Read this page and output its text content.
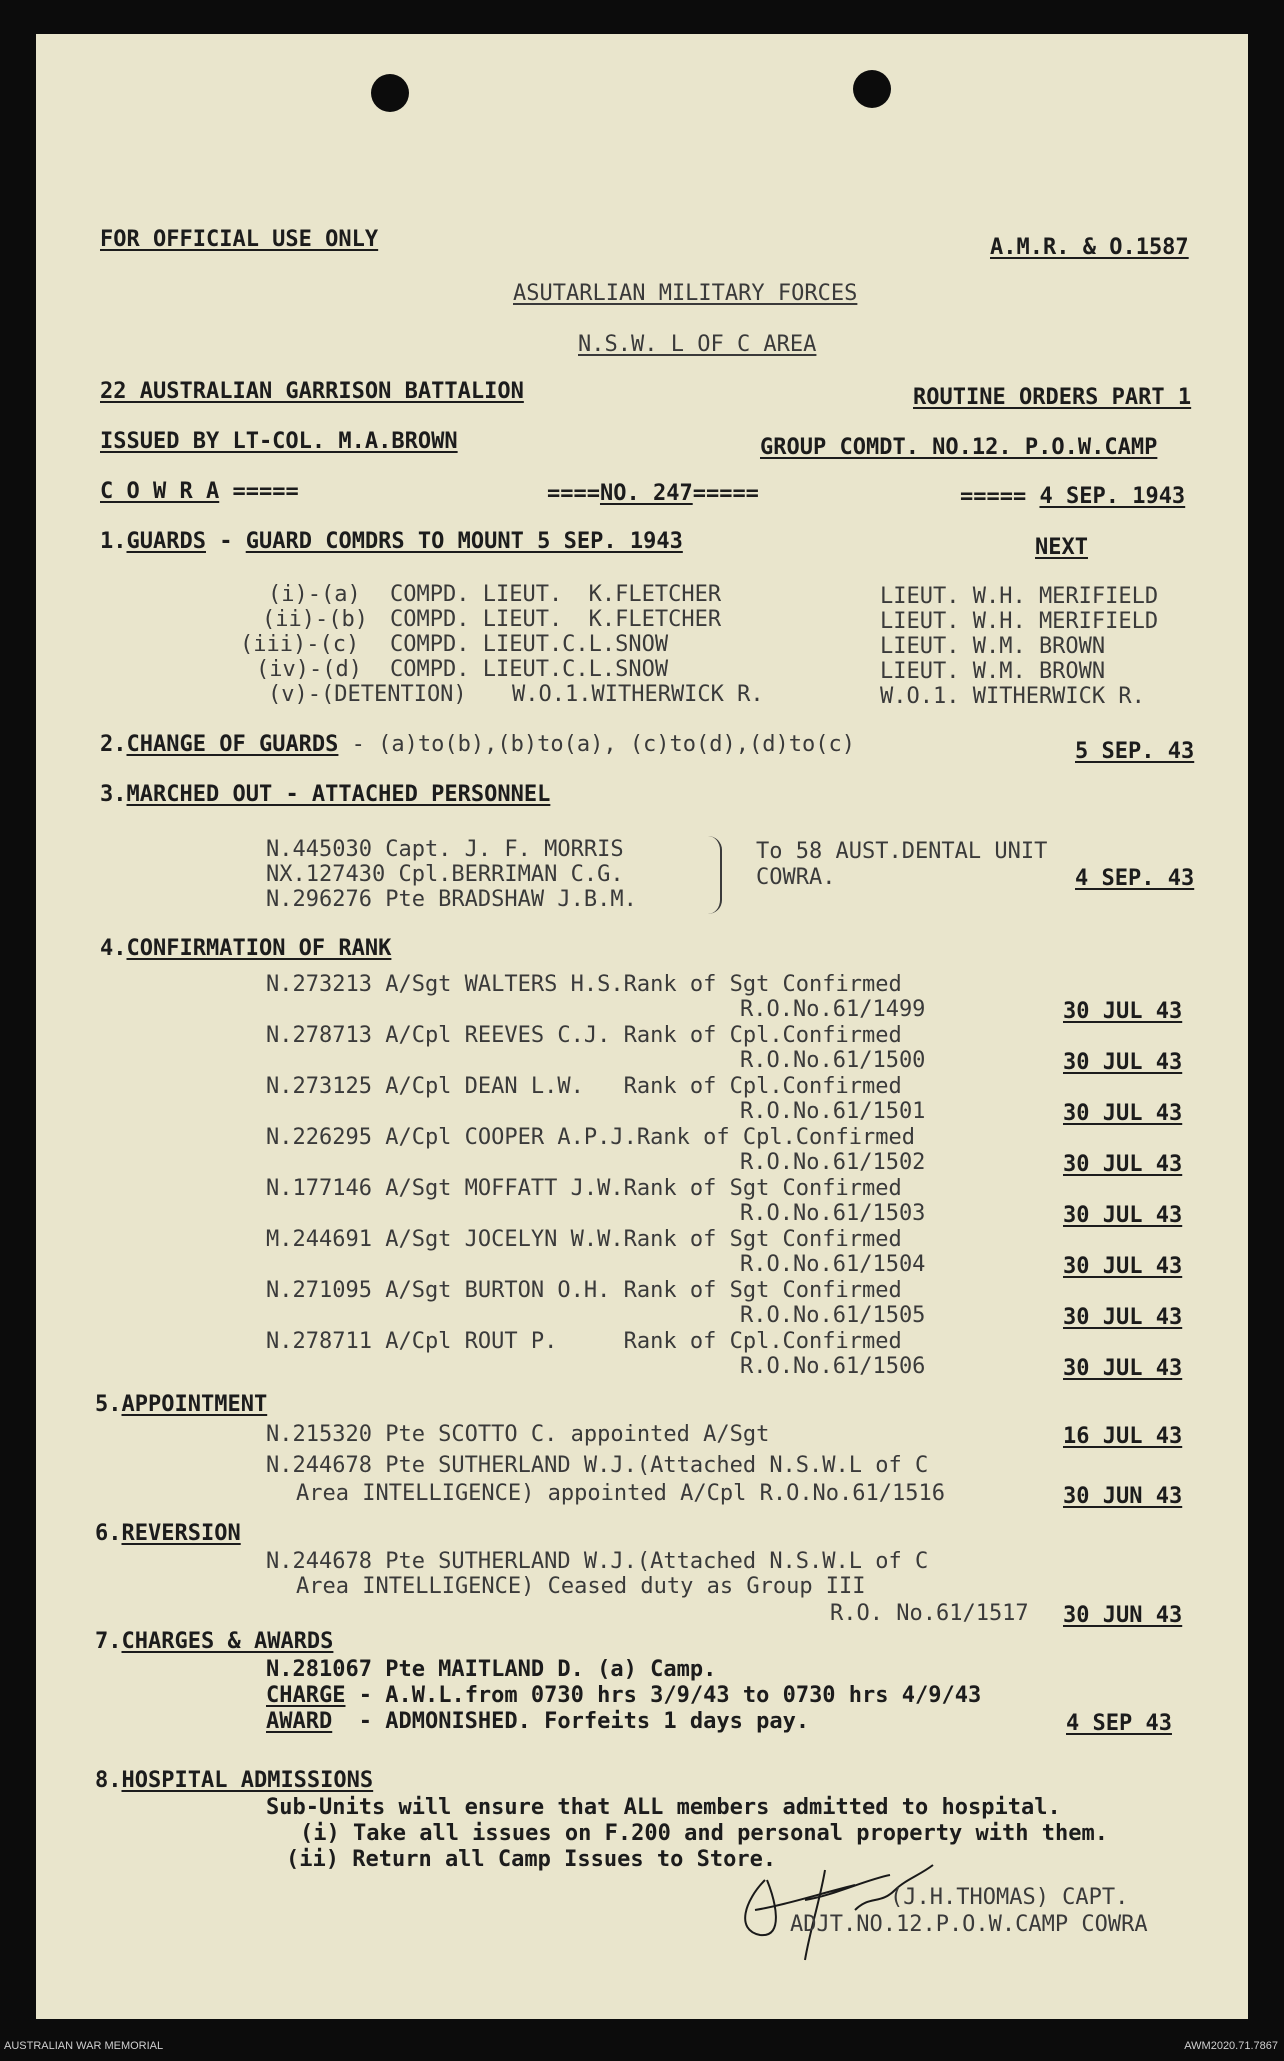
FOR OFFICIAL USE ONLY	A.M.R. & O.1587
ASUTARLIAN MILITARY FORCES
N.S.W. L OF C AREA
22 AUSTRALIAN GARRISON BATTALION	ROUTINE ORDERS PART 1
ISSUED BY LT-COL. M.A.BROWN	GROUP COMDT. NO.12. P.O.W.CAMP
C O W R A =====	====NO. 247=====	===== 4 SEP. 1943
1.GUARDS - GUARD COMDRS TO MOUNT 5 SEP. 1943	NEXT
(i)-(a) COMPD. LIEUT.  K.FLETCHER	LIEUT. W.H. MERIFIELD
(ii)-(b) COMPD. LIEUT.  K.FLETCHER	LIEUT. W.H. MERIFIELD
(iii)-(c) COMPD. LIEUT.C.L.SNOW	LIEUT. W.M. BROWN
(iv)-(d) COMPD. LIEUT.C.L.SNOW	LIEUT. W.M. BROWN
(v)-(DETENTION) W.O.1.WITHERWICK R.	W.O.1. WITHERWICK R.
2.CHANGE OF GUARDS - (a)to(b),(b)to(a), (c)to(d),(d)to(c)	5 SEP. 43
3.MARCHED OUT - ATTACHED PERSONNEL
N.445030 Capt. J. F. MORRIS
NX.127430 Cpl.BERRIMAN C.G.
N.296276 Pte BRADSHAW J.B.M.
To 58 AUST.DENTAL UNIT
COWRA.	4 SEP. 43
4.CONFIRMATION OF RANK
N.273213 A/Sgt WALTERS H.S.Rank of Sgt Confirmed
R.O.No.61/1499	30 JUL 43
N.278713 A/Cpl REEVES C.J. Rank of Cpl.Confirmed
R.O.No.61/1500	30 JUL 43
N.273125 A/Cpl DEAN L.W.   Rank of Cpl.Confirmed
R.O.No.61/1501	30 JUL 43
N.226295 A/Cpl COOPER A.P.J.Rank of Cpl.Confirmed
R.O.No.61/1502	30 JUL 43
N.177146 A/Sgt MOFFATT J.W.Rank of Sgt Confirmed
R.O.No.61/1503	30 JUL 43
M.244691 A/Sgt JOCELYN W.W.Rank of Sgt Confirmed
R.O.No.61/1504	30 JUL 43
N.271095 A/Sgt BURTON O.H. Rank of Sgt Confirmed
R.O.No.61/1505	30 JUL 43
N.278711 A/Cpl ROUT P.     Rank of Cpl.Confirmed
R.O.No.61/1506	30 JUL 43
5.APPOINTMENT
N.215320 Pte SCOTTO C. appointed A/Sgt	16 JUL 43
N.244678 Pte SUTHERLAND W.J.(Attached N.S.W.L of C
Area INTELLIGENCE) appointed A/Cpl R.O.No.61/1516	30 JUN 43
6.REVERSION
N.244678 Pte SUTHERLAND W.J.(Attached N.S.W.L of C
Area INTELLIGENCE) Ceased duty as Group III
R.O. No.61/1517 30 JUN 43
7.CHARGES & AWARDS
N.281067 Pte MAITLAND D. (a) Camp.
CHARGE - A.W.L.from 0730 hrs 3/9/43 to 0730 hrs 4/9/43
AWARD  - ADMONISHED. Forfeits 1 days pay.	4 SEP 43
8.HOSPITAL ADMISSIONS
Sub-Units will ensure that ALL members admitted to hospital.
(i) Take all issues on F.200 and personal property with them.
(ii) Return all Camp Issues to Store.
(J.H.THOMAS) CAPT.
ADJT.NO.12.P.O.W.CAMP COWRA
AUSTRALIAN WAR MEMORIAL	AWM2020.71.7867
